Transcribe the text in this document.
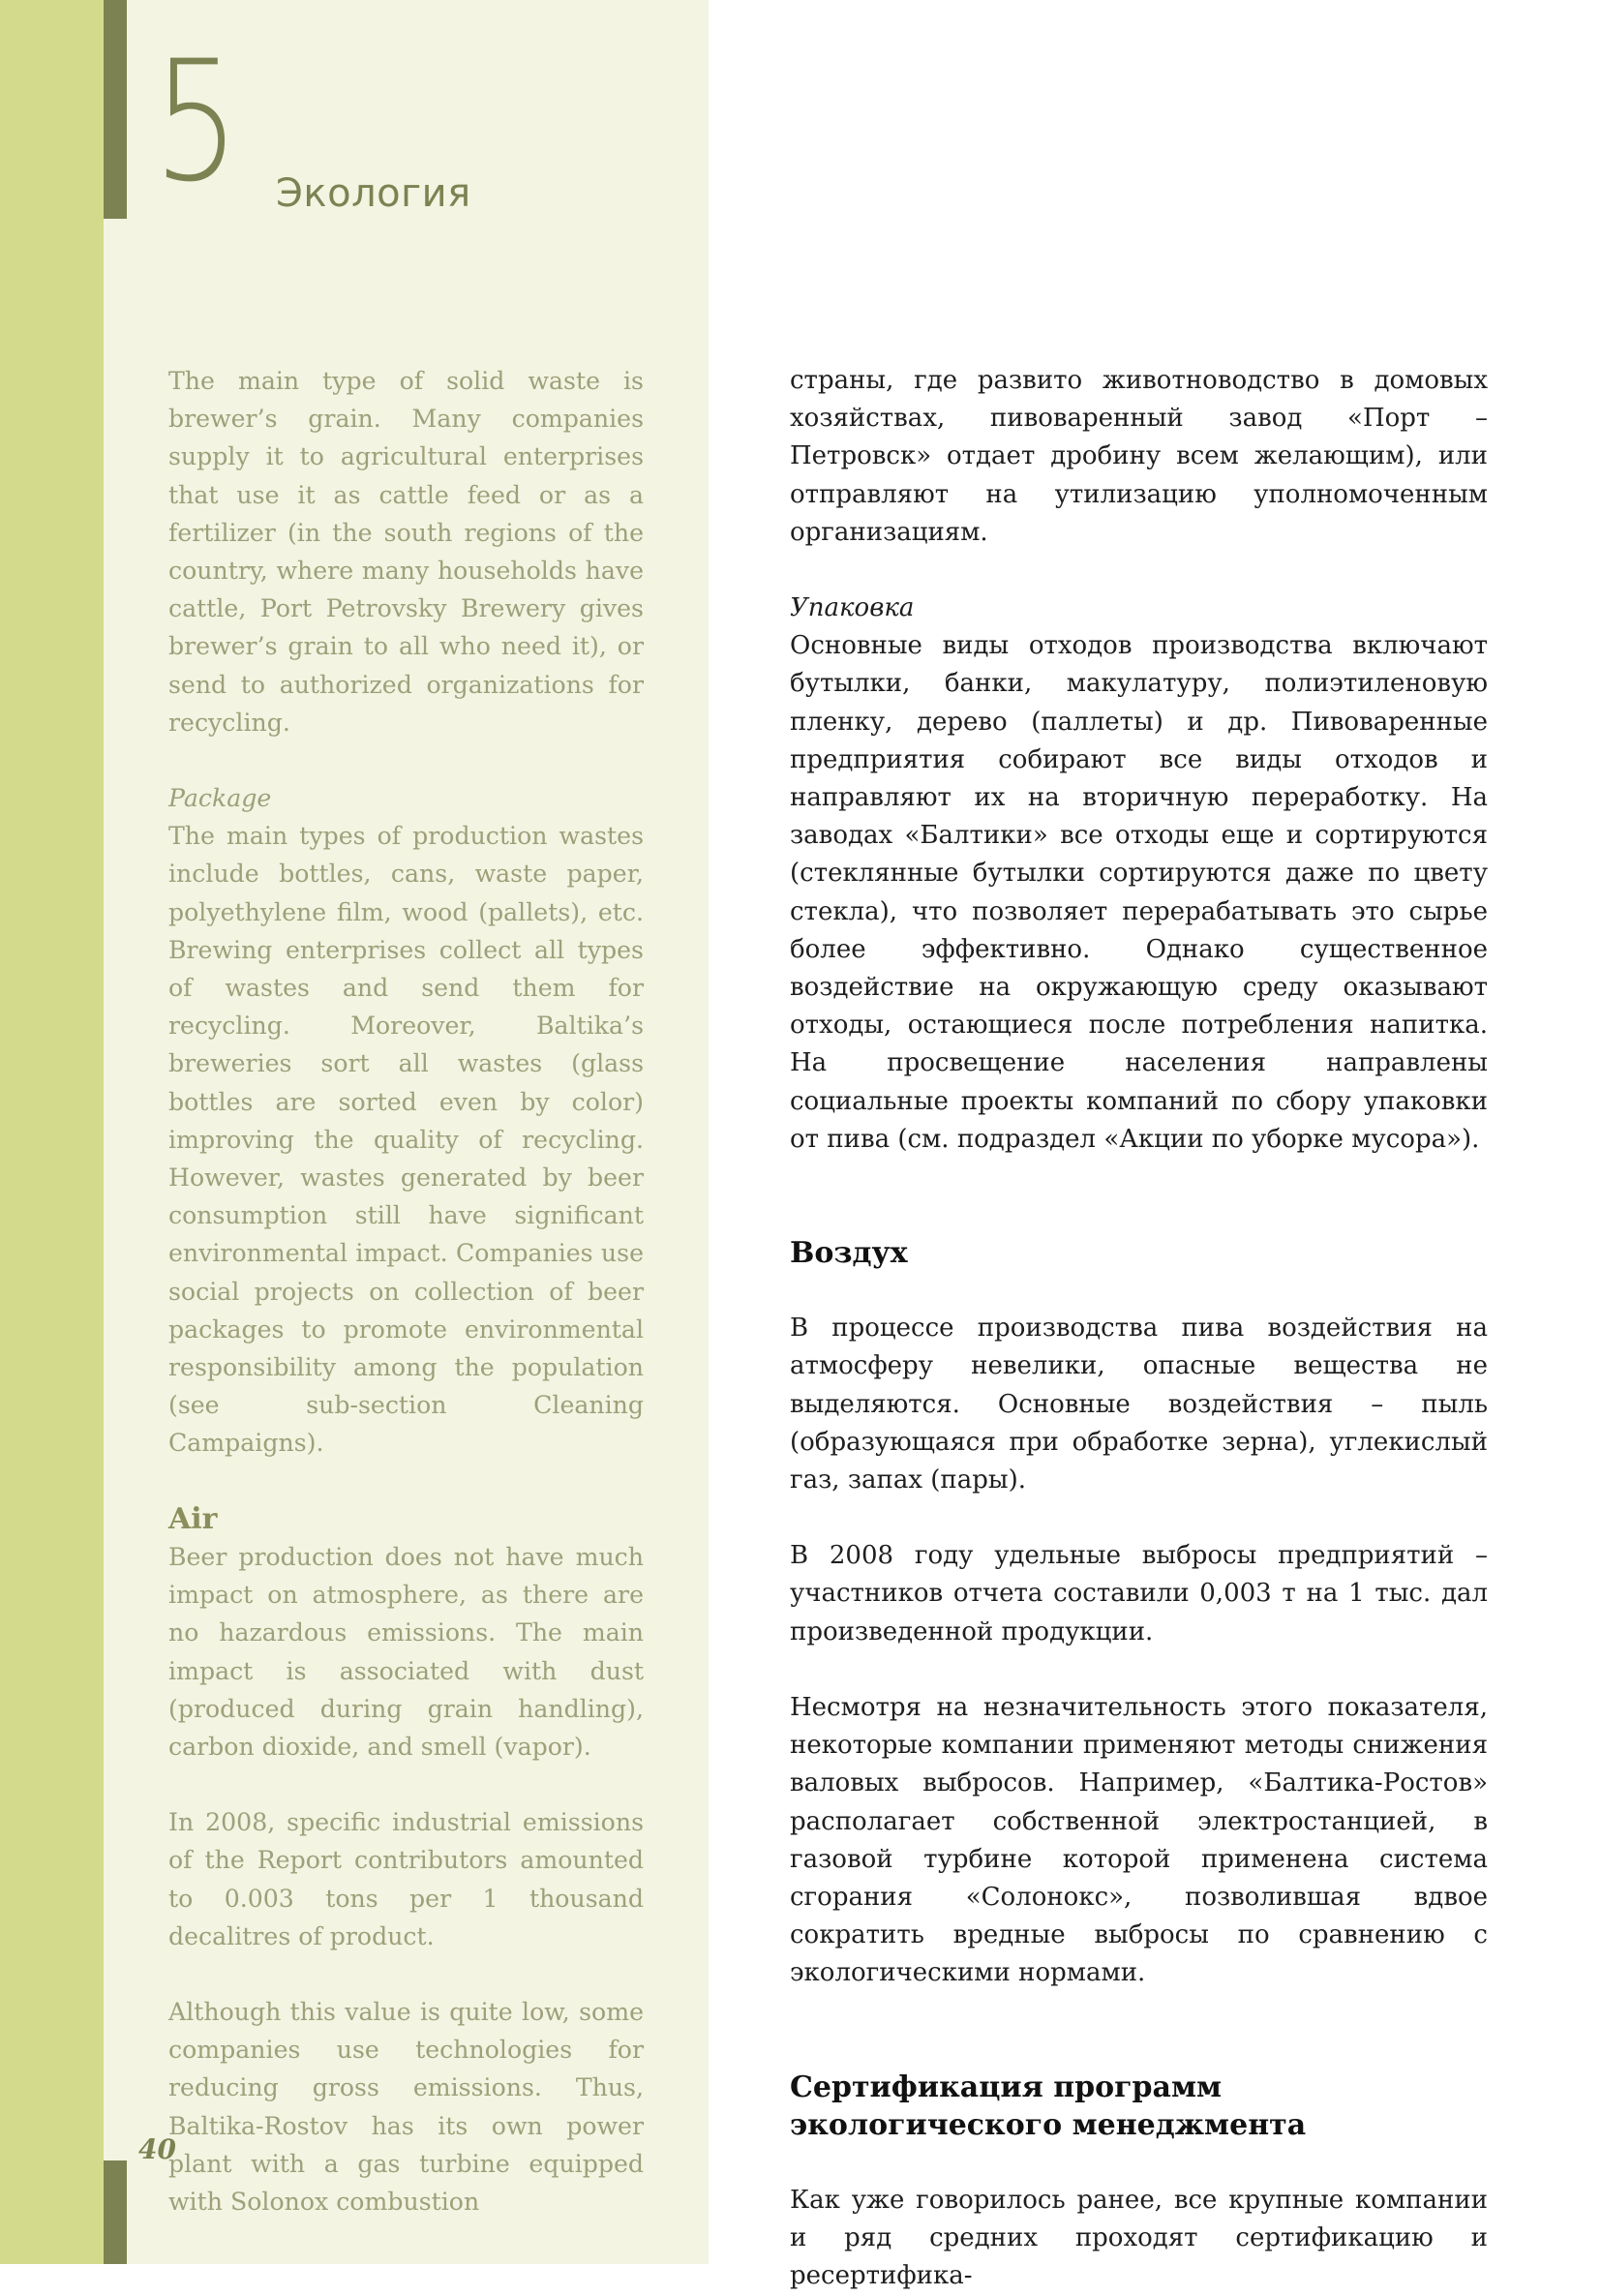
5 Экология

The main type of solid waste is brewer’s grain. Many companies supply it to agricultural enterprises that use it as cattle feed or as a fertilizer (in the south regions of the country, where many households have cattle, Port Petrovsky Brewery gives brewer’s grain to all who need it), or send to authorized organizations for recycling.

Package

The main types of production wastes include bottles, cans, waste paper, polyethylene film, wood (pallets), etc. Brewing enterprises collect all types of wastes and send them for recycling. Moreover, Baltika’s breweries sort all wastes (glass bottles are sorted even by color) improving the quality of recycling. However, wastes generated by beer consumption still have significant environmental impact. Companies use social projects on collection of beer packages to promote environmental responsibility among the population (see sub-section Cleaning Campaigns).

Air

Beer production does not have much impact on atmosphere, as there are no hazardous emissions. The main impact is associated with dust (produced during grain handling), carbon dioxide, and smell (vapor).

In 2008, specific industrial emissions of the Report contributors amounted to 0.003 tons per 1 thousand decalitres of product.

Although this value is quite low, some companies use technologies for reducing gross emissions. Thus, Baltika-Rostov has its own power plant with a gas turbine equipped with Solonox combustion

страны, где развито животноводство в домовых хозяйствах, пивоваренный завод «Порт – Петровск» отдает дробину всем желающим), или отправляют на утилизацию уполномоченным организациям.

Упаковка

Основные виды отходов производства включают бутылки, банки, макулатуру, полиэтиленовую пленку, дерево (паллеты) и др. Пивоваренные предприятия собирают все виды отходов и направляют их на вторичную переработку. На заводах «Балтики» все отходы еще и сортируются (стеклянные бутылки сортируются даже по цвету стекла), что позволяет перерабатывать это сырье более эффективно. Однако существенное воздействие на окружающую среду оказывают отходы, остающиеся после потребления напитка. На просвещение населения направлены социальные проекты компаний по сбору упаковки от пива (см. подраздел «Акции по уборке мусора»).

Воздух

В процессе производства пива воздействия на атмосферу невелики, опасные вещества не выделяются. Основные воздействия – пыль (образующаяся при обработке зерна), углекислый газ, запах (пары).

В 2008 году удельные выбросы предприятий – участников отчета составили 0,003 т на 1 тыс. дал произведенной продукции.

Несмотря на незначительность этого показателя, некоторые компании применяют методы снижения валовых выбросов. Например, «Балтика-Ростов» располагает собственной электростанцией, в газовой турбине которой применена система сгорания «Солонокс», позволившая вдвое сократить вредные выбросы по сравнению с экологическими нормами.

Сертификация программ
экологического менеджмента

Как уже говорилось ранее, все крупные компании и ряд средних проходят сертификацию и ресертифика-

40
